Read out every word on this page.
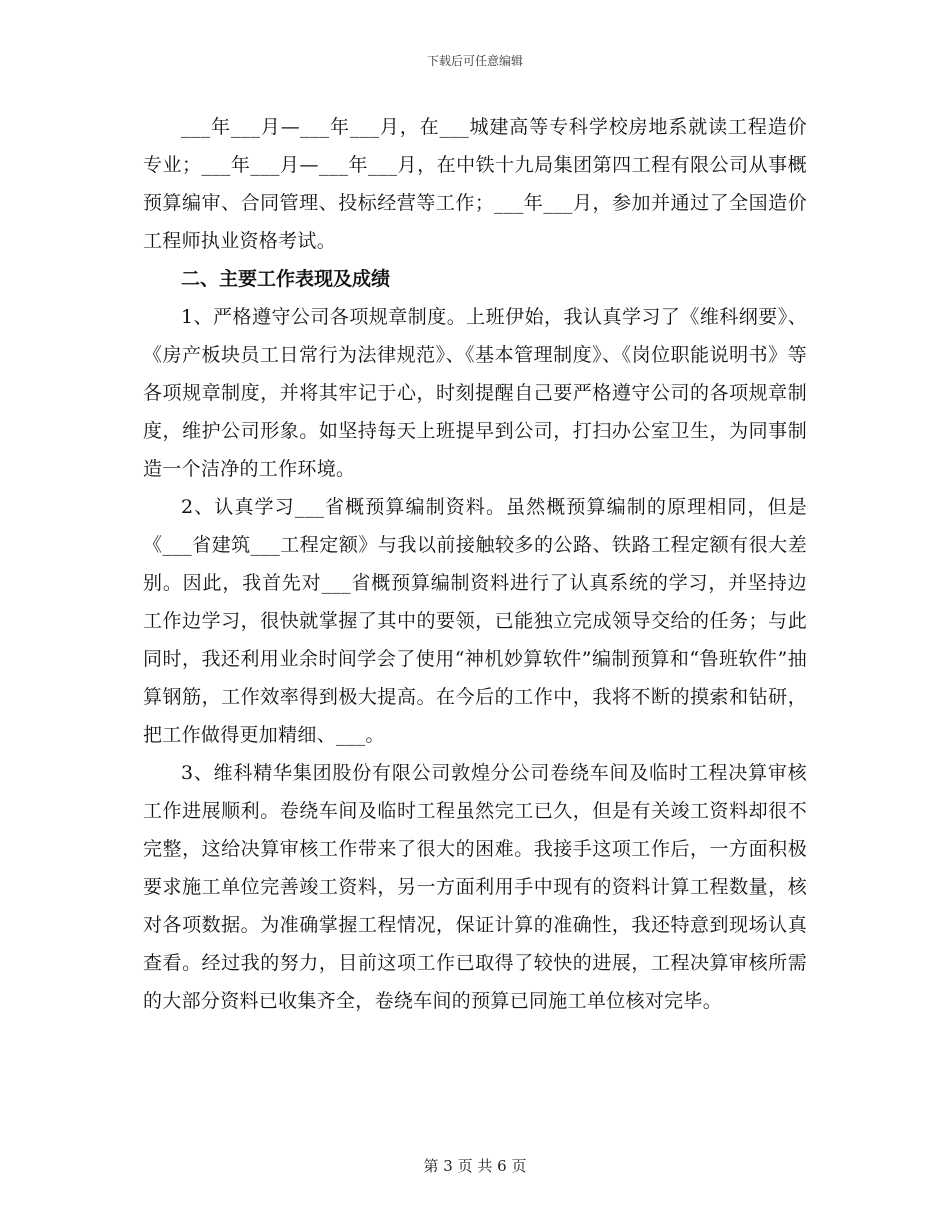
下载后可任意编辑

___年___月—___年___月，在___城建高等专科学校房地系就读工程造价专业；___年___月—___年___月，在中铁十九局集团第四工程有限公司从事概预算编审、合同管理、投标经营等工作；___年___月，参加并通过了全国造价工程师执业资格考试。

二、主要工作表现及成绩

1、严格遵守公司各项规章制度。上班伊始，我认真学习了《维科纲要》、《房产板块员工日常行为法律规范》、《基本管理制度》、《岗位职能说明书》等各项规章制度，并将其牢记于心，时刻提醒自己要严格遵守公司的各项规章制度，维护公司形象。如坚持每天上班提早到公司，打扫办公室卫生，为同事制造一个洁净的工作环境。

2、认真学习___省概预算编制资料。虽然概预算编制的原理相同，但是《___省建筑___工程定额》与我以前接触较多的公路、铁路工程定额有很大差别。因此，我首先对___省概预算编制资料进行了认真系统的学习，并坚持边工作边学习，很快就掌握了其中的要领，已能独立完成领导交给的任务；与此同时，我还利用业余时间学会了使用“神机妙算软件”编制预算和“鲁班软件”抽算钢筋，工作效率得到极大提高。在今后的工作中，我将不断的摸索和钻研，把工作做得更加精细、___。

3、维科精华集团股份有限公司敦煌分公司卷绕车间及临时工程决算审核工作进展顺利。卷绕车间及临时工程虽然完工已久，但是有关竣工资料却很不完整，这给决算审核工作带来了很大的困难。我接手这项工作后，一方面积极要求施工单位完善竣工资料，另一方面利用手中现有的资料计算工程数量，核对各项数据。为准确掌握工程情况，保证计算的准确性，我还特意到现场认真查看。经过我的努力，目前这项工作已取得了较快的进展，工程决算审核所需的大部分资料已收集齐全，卷绕车间的预算已同施工单位核对完毕。

第 3 页 共 6 页
